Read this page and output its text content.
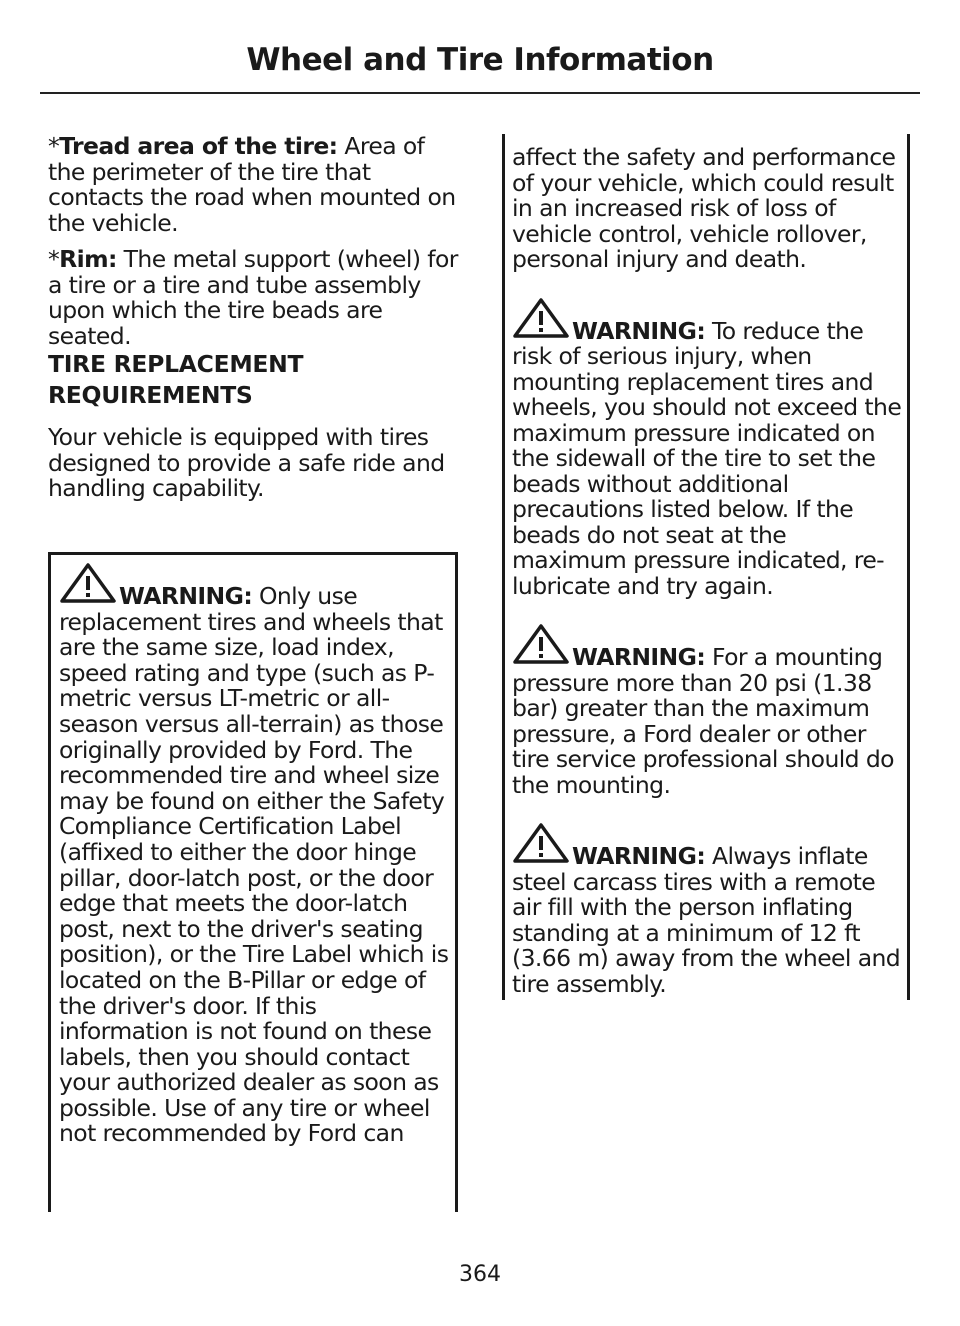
Wheel and Tire Information

*Tread area of the tire: Area of the perimeter of the tire that contacts the road when mounted on the vehicle.

*Rim: The metal support (wheel) for a tire or a tire and tube assembly upon which the tire beads are seated.

TIRE REPLACEMENT REQUIREMENTS

Your vehicle is equipped with tires designed to provide a safe ride and handling capability.

WARNING: Only use replacement tires and wheels that are the same size, load index, speed rating and type (such as P-metric versus LT-metric or all-season versus all-terrain) as those originally provided by Ford. The recommended tire and wheel size may be found on either the Safety Compliance Certification Label (affixed to either the door hinge pillar, door-latch post, or the door edge that meets the door-latch post, next to the driver's seating position), or the Tire Label which is located on the B-Pillar or edge of the driver's door. If this information is not found on these labels, then you should contact your authorized dealer as soon as possible. Use of any tire or wheel not recommended by Ford can

affect the safety and performance of your vehicle, which could result in an increased risk of loss of vehicle control, vehicle rollover, personal injury and death.

WARNING: To reduce the risk of serious injury, when mounting replacement tires and wheels, you should not exceed the maximum pressure indicated on the sidewall of the tire to set the beads without additional precautions listed below. If the beads do not seat at the maximum pressure indicated, re-lubricate and try again.
WARNING: For a mounting pressure more than 20 psi (1.38 bar) greater than the maximum pressure, a Ford dealer or other tire service professional should do the mounting.
WARNING: Always inflate steel carcass tires with a remote air fill with the person inflating standing at a minimum of 12 ft (3.66 m) away from the wheel and tire assembly.
364
